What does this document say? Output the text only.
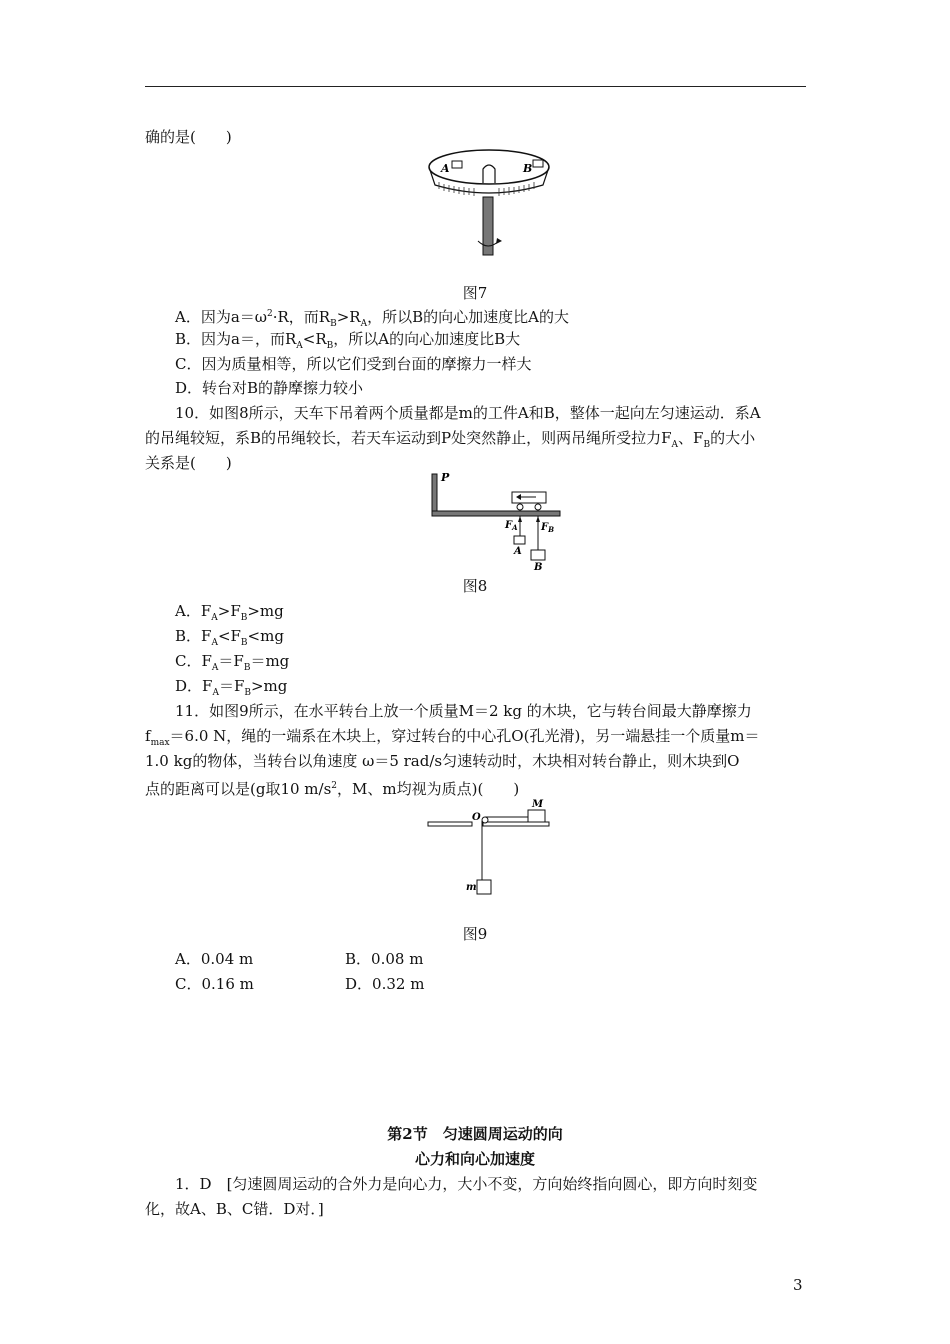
确的是(　　)
A	B
图7
A．因为$a=\omega^2\cdot R$，而$R_B>R_A$，所以B的向心加速度比A的大
B．因为a＝，而$R_A<R_B$，所以A的向心加速度比B大
C．因为质量相等，所以它们受到台面的摩擦力一样大
D．转台对B的静摩擦力较小
10．如图8所示，天车下吊着两个质量都是m的工件A和B，整体一起向左匀速运动．系A
的吊绳较短，系B的吊绳较长，若天车运动到P处突然静止，则两吊绳所受拉力$F_A$、$F_B$的大小
关系是(　　)
P
$F_A$ $F_B$
A
B
图8
A．$F_A>F_B>mg$
B．$F_A<F_B<mg$
C．$F_A=F_B=mg$
D．$F_A=F_B>mg$
11．如图9所示，在水平转台上放一个质量M＝2 kg 的木块，它与转台间最大静摩擦力
$f_{max}=6.0$ N，绳的一端系在木块上，穿过转台的中心孔O(孔光滑)，另一端悬挂一个质量m＝
1.0 kg的物体，当转台以角速度 ω＝5 rad/s匀速转动时，木块相对转台静止，则木块到O
点的距离可以是(g取10 $m/s^2$，M、m均视为质点)(　　)
O
M
m
图9
A．0.04 m	B．0.08 m
C．0.16 m	D．0.32 m
第2节　匀速圆周运动的向
心力和向心加速度
1．D　[匀速圆周运动的合外力是向心力，大小不变，方向始终指向圆心，即方向时刻变
化，故A、B、C错．D对．]
3
